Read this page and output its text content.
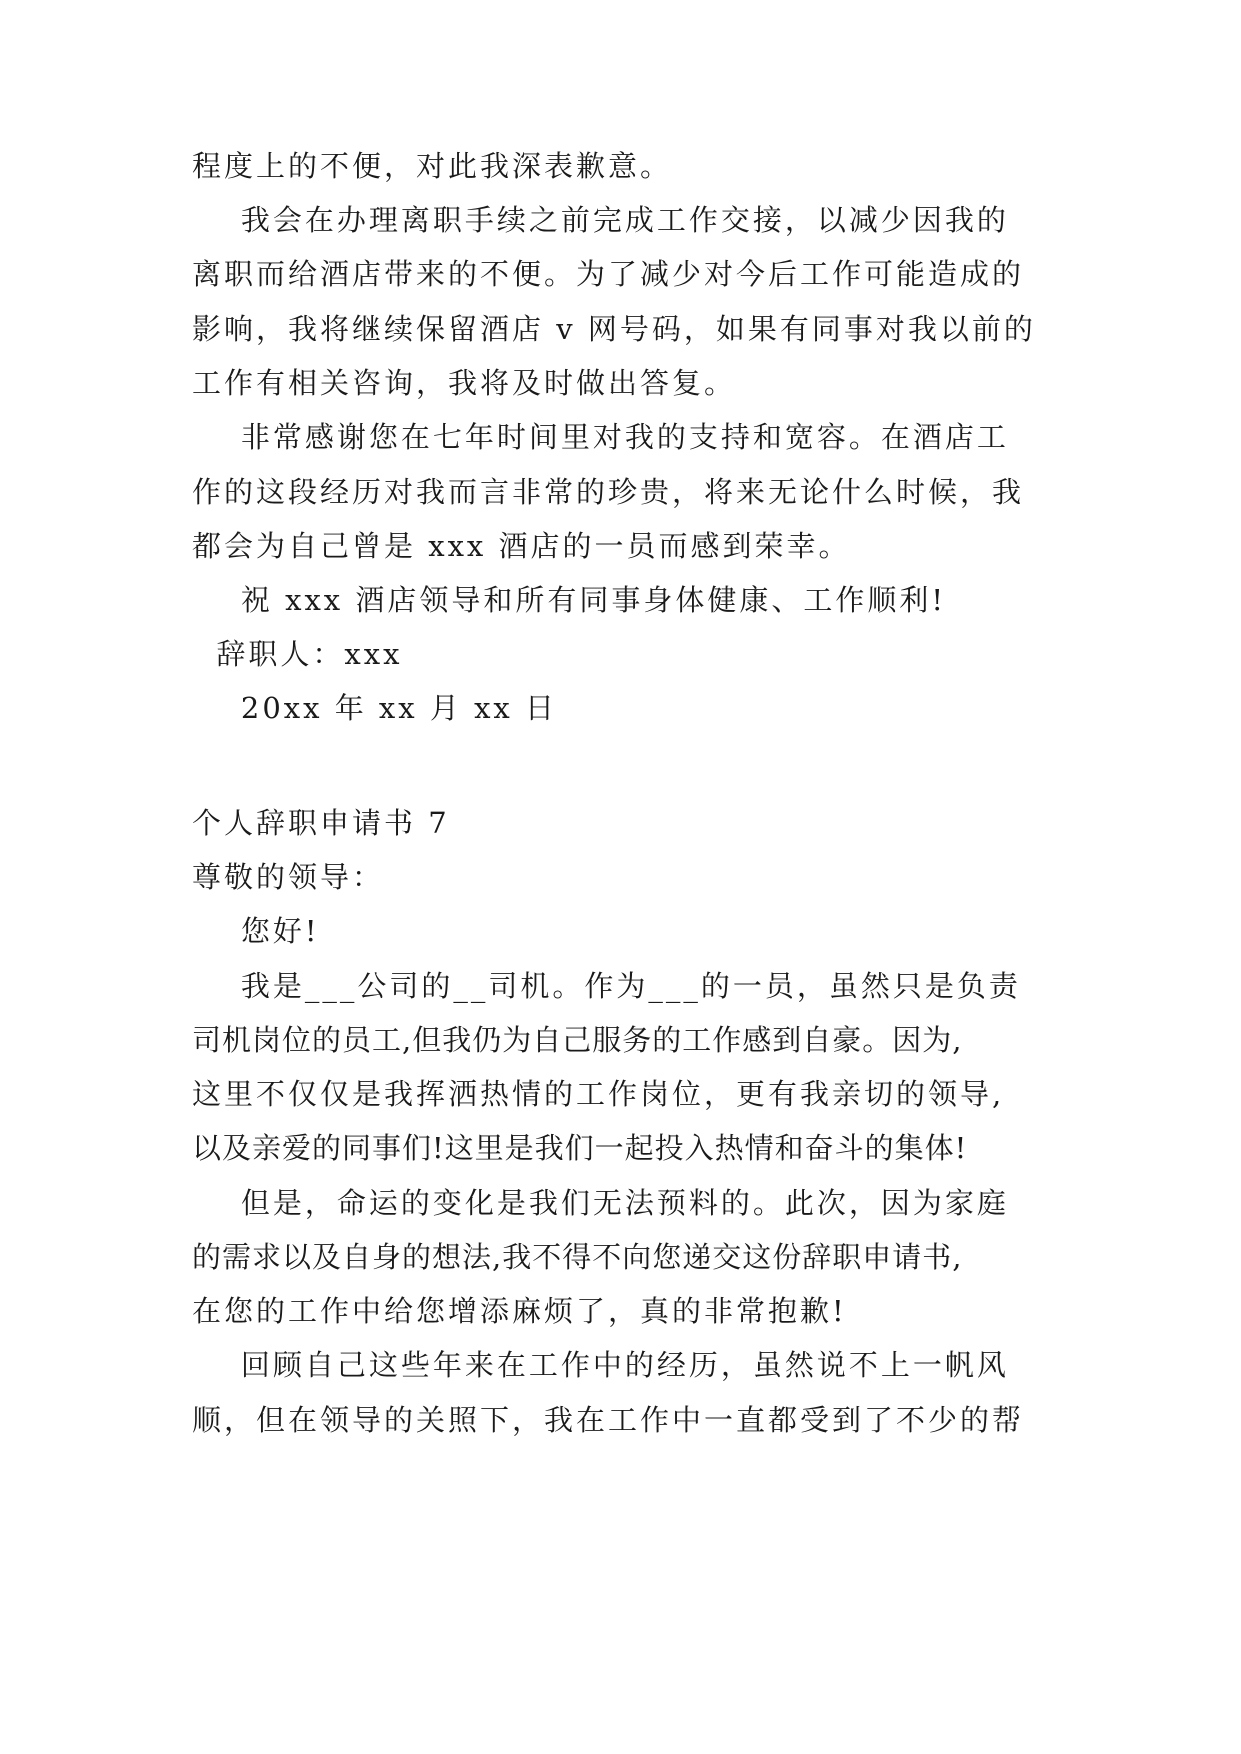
程度上的不便，对此我深表歉意。
我会在办理离职手续之前完成工作交接，以减少因我的
离职而给酒店带来的不便。为了减少对今后工作可能造成的
影响，我将继续保留酒店 v 网号码，如果有同事对我以前的
工作有相关咨询，我将及时做出答复。
非常感谢您在七年时间里对我的支持和宽容。在酒店工
作的这段经历对我而言非常的珍贵，将来无论什么时候，我
都会为自己曾是 xxx 酒店的一员而感到荣幸。
祝 xxx 酒店领导和所有同事身体健康、工作顺利!
辞职人：xxx
20xx 年 xx 月 xx 日
个人辞职申请书 7
尊敬的领导：
您好!
我是___公司的__司机。作为___的一员，虽然只是负责
司机岗位的员工,但我仍为自己服务的工作感到自豪。因为,
这里不仅仅是我挥洒热情的工作岗位，更有我亲切的领导,
以及亲爱的同事们!这里是我们一起投入热情和奋斗的集体!
但是，命运的变化是我们无法预料的。此次，因为家庭
的需求以及自身的想法,我不得不向您递交这份辞职申请书,
在您的工作中给您增添麻烦了，真的非常抱歉!
回顾自己这些年来在工作中的经历，虽然说不上一帆风
顺，但在领导的关照下，我在工作中一直都受到了不少的帮
